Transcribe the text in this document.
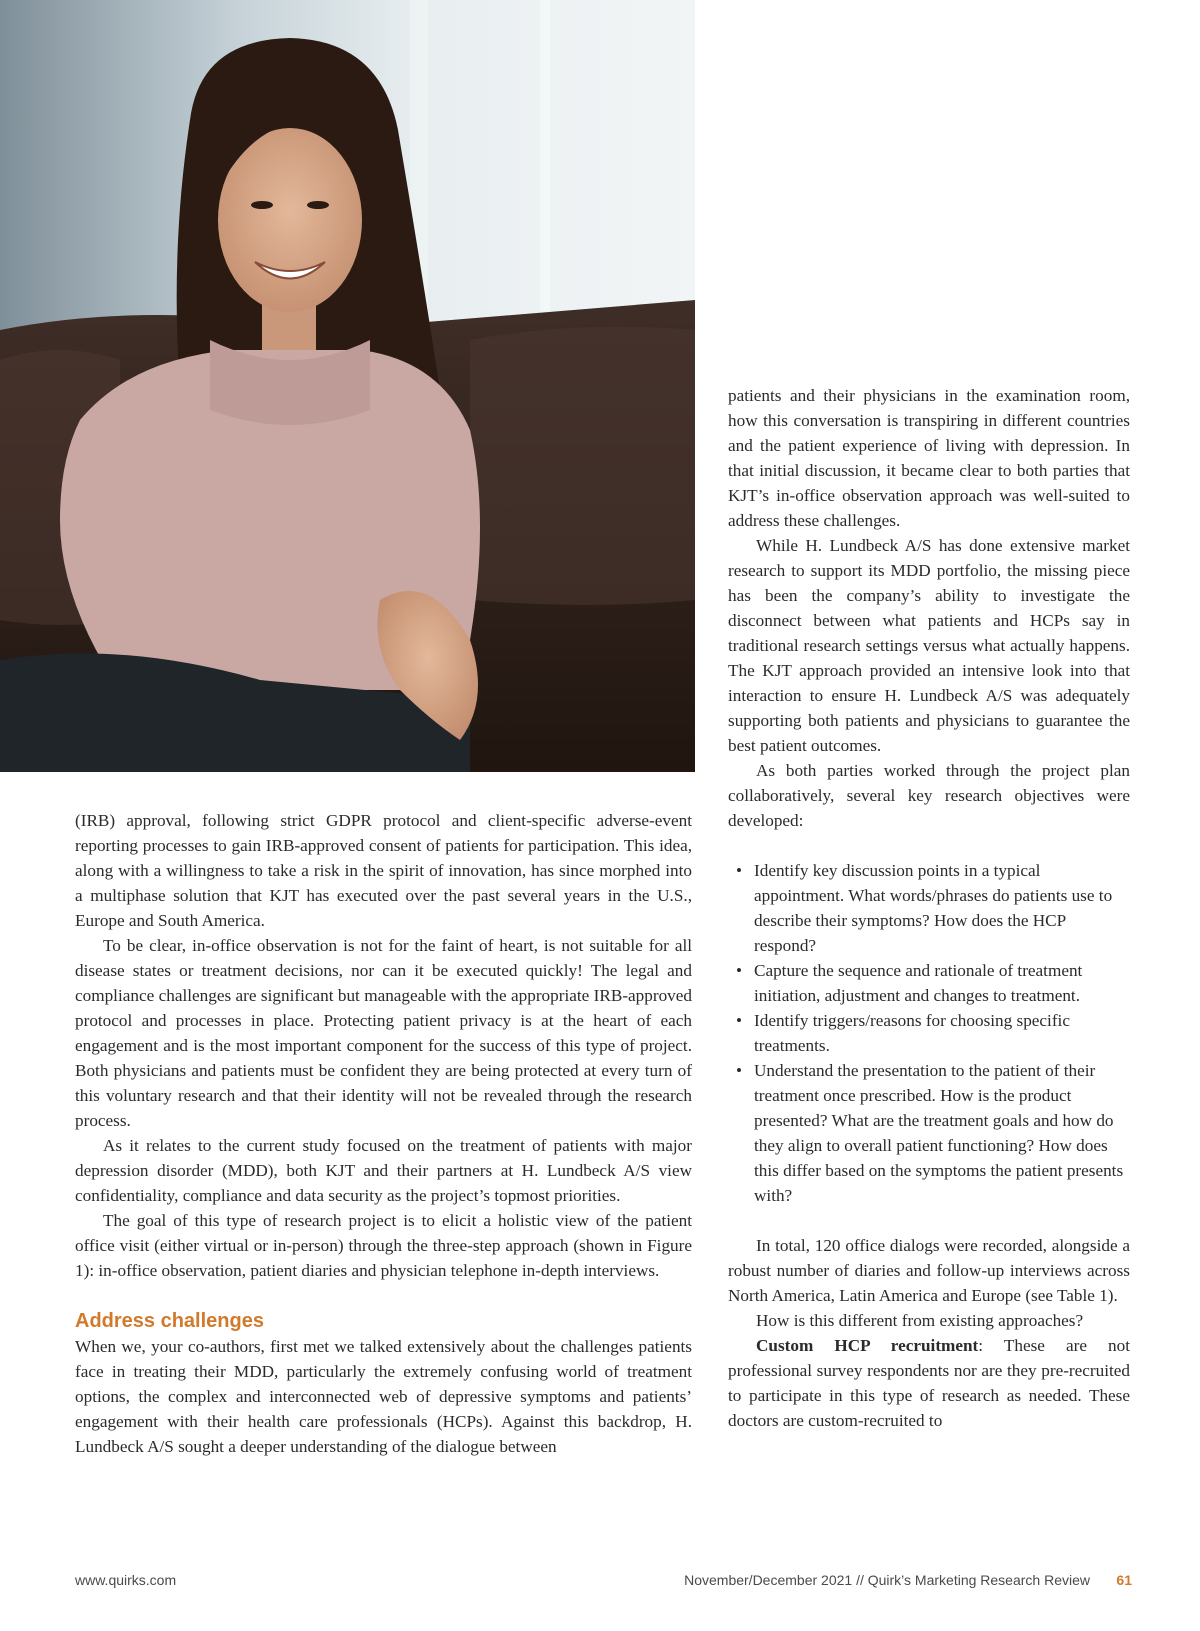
(IRB) approval, following strict GDPR protocol and client-specific adverse-event reporting processes to gain IRB-approved consent of patients for participation. This idea, along with a willingness to take a risk in the spirit of innovation, has since morphed into a multiphase solution that KJT has executed over the past several years in the U.S., Europe and South America.

To be clear, in-office observation is not for the faint of heart, is not suitable for all disease states or treatment decisions, nor can it be executed quickly! The legal and compliance challenges are significant but manageable with the appropriate IRB-approved protocol and processes in place. Protecting patient privacy is at the heart of each engagement and is the most important component for the success of this type of project. Both physicians and patients must be confident they are being protected at every turn of this voluntary research and that their identity will not be revealed through the research process.

As it relates to the current study focused on the treatment of patients with major depression disorder (MDD), both KJT and their partners at H. Lundbeck A/S view confidentiality, compliance and data security as the project’s topmost priorities.

The goal of this type of research project is to elicit a holistic view of the patient office visit (either virtual or in-person) through the three-step approach (shown in Figure 1): in-office observation, patient diaries and physician telephone in-depth interviews.

Address challenges

When we, your co-authors, first met we talked extensively about the challenges patients face in treating their MDD, particularly the extremely confusing world of treatment options, the complex and interconnected web of depressive symptoms and patients’ engagement with their health care professionals (HCPs). Against this backdrop, H. Lundbeck A/S sought a deeper understanding of the dialogue between

patients and their physicians in the examination room, how this conversation is transpiring in different countries and the patient experience of living with depression. In that initial discussion, it became clear to both parties that KJT’s in-office observation approach was well-suited to address these challenges.

While H. Lundbeck A/S has done extensive market research to support its MDD portfolio, the missing piece has been the company’s ability to investigate the disconnect between what patients and HCPs say in traditional research settings versus what actually happens. The KJT approach provided an intensive look into that interaction to ensure H. Lundbeck A/S was adequately supporting both patients and physicians to guarantee the best patient outcomes.

As both parties worked through the project plan collaboratively, several key research objectives were developed:

• Identify key discussion points in a typical appointment. What words/phrases do patients use to describe their symptoms? How does the HCP respond?
• Capture the sequence and rationale of treatment initiation, adjustment and changes to treatment.
• Identify triggers/reasons for choosing specific treatments.
• Understand the presentation to the patient of their treatment once prescribed. How is the product presented? What are the treatment goals and how do they align to overall patient functioning? How does this differ based on the symptoms the patient presents with?

In total, 120 office dialogs were recorded, alongside a robust number of diaries and follow-up interviews across North America, Latin America and Europe (see Table 1).

How is this different from existing approaches?

Custom HCP recruitment: These are not professional survey respondents nor are they pre-recruited to participate in this type of research as needed. These doctors are custom-recruited to

www.quirks.com	November/December 2021 // Quirk’s Marketing Research Review 61
